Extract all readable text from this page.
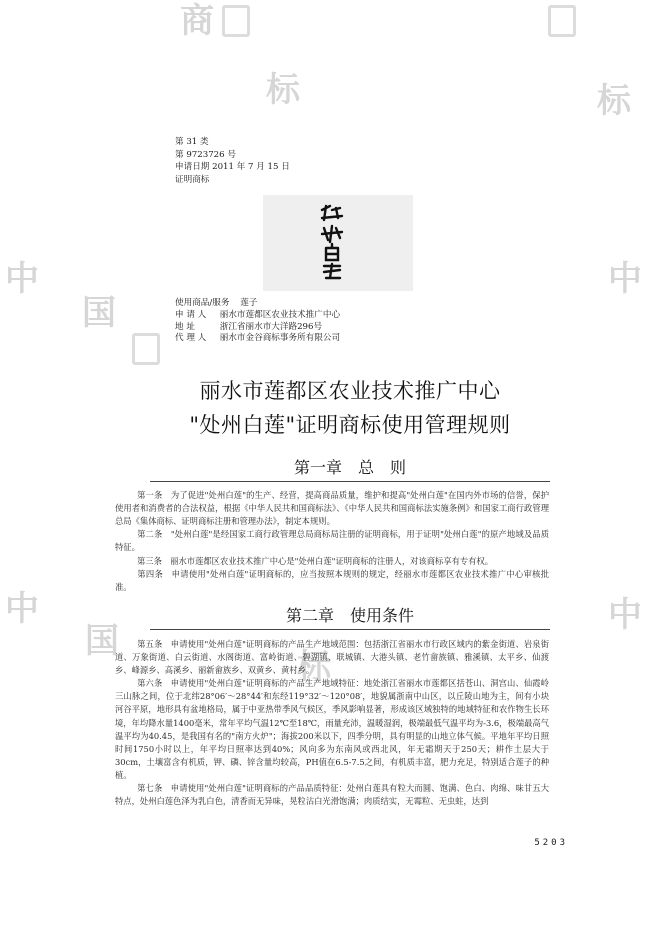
商
标	标
中
国
中
国
标
中
中
第 31 类
第 9723726 号
申请日期 2011 年 7 月 15 日
证明商标
使用商品/服务 莲子
申 请 人 丽水市莲都区农业技术推广中心
地 址	浙江省丽水市大洋路296号
代 理 人 丽水市金谷商标事务所有限公司
丽水市莲都区农业技术推广中心
"处州白莲"证明商标使用管理规则
第一章　总　则
第一条　为了促进"处州白莲"的生产、经营，提高商品质量，维护和提高"处州白莲"在国内外市场的信誉，保护使用者和消费者的合法权益，根据《中华人民共和国商标法》、《中华人民共和国商标法实施条例》和国家工商行政管理总局《集体商标、证明商标注册和管理办法》，制定本规则。
第二条　"处州白莲"是经国家工商行政管理总局商标局注册的证明商标，用于证明"处州白莲"的原产地域及品质特征。
第三条　丽水市莲都区农业技术推广中心是"处州白莲"证明商标的注册人，对该商标享有专有权。
第四条　申请使用"处州白莲"证明商标的，应当按照本规则的规定，经丽水市莲都区农业技术推广中心审核批准。
第二章　使用条件
第五条　申请使用"处州白莲"证明商标的产品生产地域范围：包括浙江省丽水市行政区域内的紫金街道、岩泉街道、万象街道、白云街道、水阁街道、富岭街道、碧湖镇、联城镇、大港头镇、老竹畲族镇、雅溪镇、太平乡、仙渡乡、峰源乡、高溪乡、丽新畲族乡、双黄乡、黄村乡。
第六条　申请使用"处州白莲"证明商标的产品生产地域特征：地处浙江省丽水市莲都区括苍山、洞宫山、仙霞岭三山脉之间，位于北纬28°06′～28°44′和东经119°32′～120°08′，地貌属浙南中山区，以丘陵山地为主，间有小块河谷平原，地形具有盆地格局，属于中亚热带季风气候区，季风影响显著，形成该区域独特的地域特征和农作物生长环境，年均降水量1400毫米，常年平均气温12℃至18℃，雨量充沛，温暖湿润，极端最低气温平均为-3.6，极端最高气温平均为40.45，是我国有名的"南方火炉"；海拔200米以下，四季分明，具有明显的山地立体气候。平地年平均日照时间1750小时以上，年平均日照率达到40%；风向多为东南风或西北风，年无霜期天于250天；耕作土层大于30cm，土壤富含有机质，钾、磷、锌含量均较高，PH值在6.5-7.5之间，有机质丰富，肥力充足，特别适合莲子的种植。
第七条　申请使用"处州白莲"证明商标的产品品质特征：处州白莲具有粒大而圆、饱满、色白、肉绵、味甘五大特点，处州白莲色泽为乳白色，清香而无异味，晃粒沾白光滑饱满；肉质结实，无霉粒、无虫蛀，达到
5203
